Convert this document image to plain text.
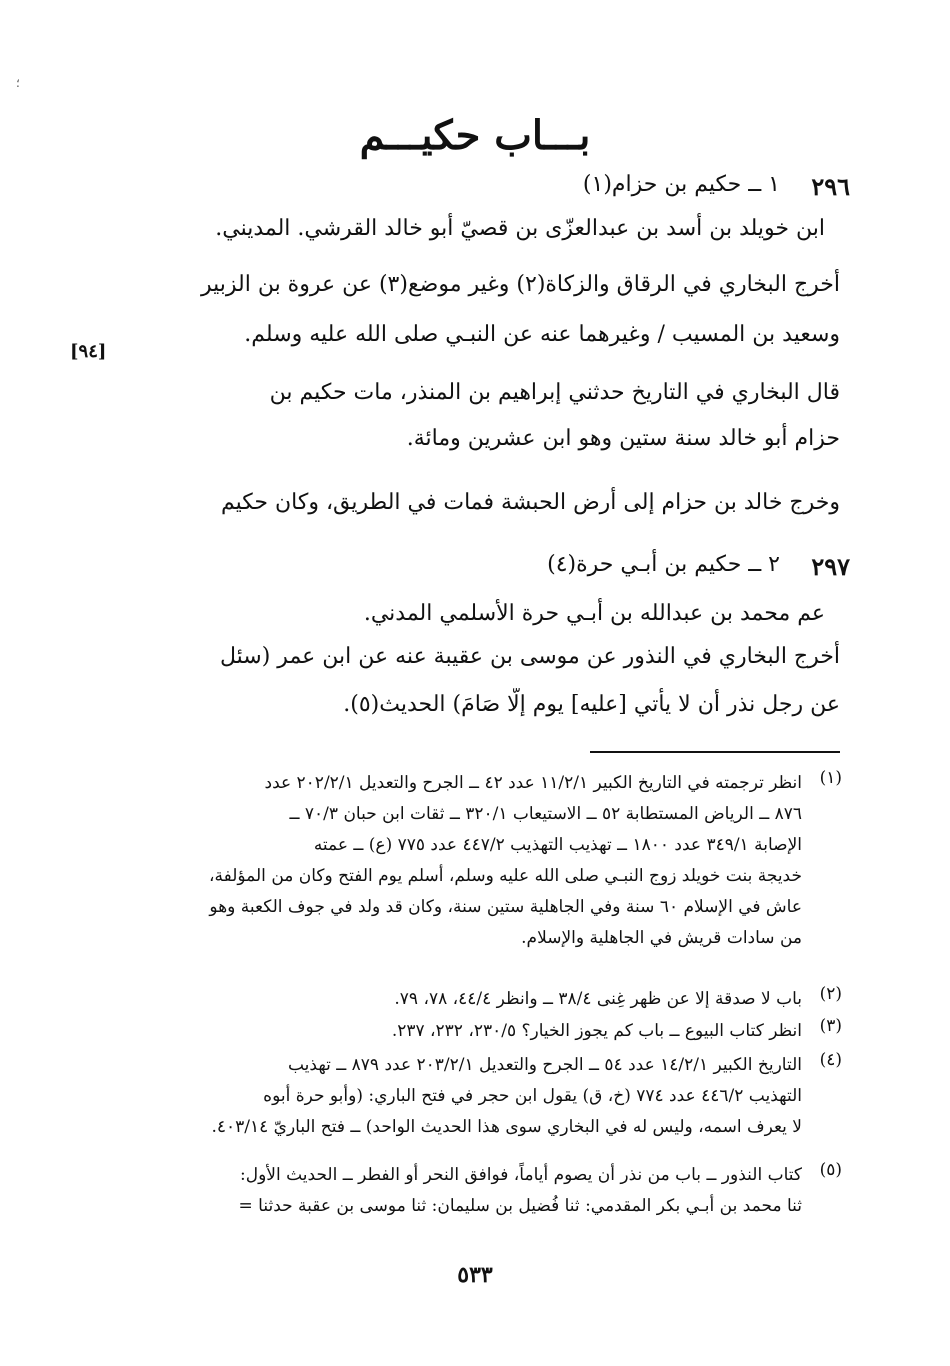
؛
بـــاب حكيـــم
٢٩٦
١ ــ حكيم بن حزام(١)
ابن خويلد بن أسد بن عبدالعزّى بن قصيّ أبو خالد القرشي. المديني.
أخرج البخاري في الرقاق والزكاة(٢) وغير موضع(٣) عن عروة بن الزبير
وسعيد بن المسيب / وغيرهما عنه عن النبـي صلى الله عليه وسلم.
[٩٤]
قال البخاري في التاريخ حدثني إبراهيم بن المنذر، مات حكيم بن
حزام أبو خالد سنة ستين وهو ابن عشرين ومائة.
وخرج خالد بن حزام إلى أرض الحبشة فمات في الطريق، وكان حكيم
٢٩٧
٢ ــ حكيم بن أبـي حرة(٤)
عم محمد بن عبدالله بن أبـي حرة الأسلمي المدني.
أخرج البخاري في النذور عن موسى بن عقيبة عنه عن ابن عمر (سئل
عن رجل نذر أن لا يأتي [عليه] يوم إلّا صَامَ) الحديث(٥).
(١)
انظر ترجمته في التاريخ الكبير ١١/٢/١ عدد ٤٢ ــ الجرح والتعديل ٢٠٢/٢/١ عدد
٨٧٦ ــ الرياض المستطابة ٥٢ ــ الاستيعاب ٣٢٠/١ ــ ثقات ابن حبان ٧٠/٣ ــ
الإصابة ٣٤٩/١ عدد ١٨٠٠ ــ تهذيب التهذيب ٤٤٧/٢ عدد ٧٧٥ (ع) ــ عمته
خديجة بنت خويلد زوج النبـي صلى الله عليه وسلم، أسلم يوم الفتح وكان من المؤلفة،
عاش في الإسلام ٦٠ سنة وفي الجاهلية ستين سنة، وكان قد ولد في جوف الكعبة وهو
من سادات قريش في الجاهلية والإسلام.
(٢)
باب لا صدقة إلا عن ظهر غِنى ٣٨/٤ ــ وانظر ٤٤/٤، ٧٨، ٧٩.
(٣)
انظر كتاب البيوع ــ باب كم يجوز الخيار؟ ٢٣٠/٥، ٢٣٢، ٢٣٧.
(٤)
التاريخ الكبير ١٤/٢/١ عدد ٥٤ ــ الجرح والتعديل ٢٠٣/٢/١ عدد ٨٧٩ ــ تهذيب
التهذيب ٤٤٦/٢ عدد ٧٧٤ (خ، ق) يقول ابن حجر في فتح الباري: (وأبو حرة أبوه
لا يعرف اسمه، وليس له في البخاري سوى هذا الحديث الواحد) ــ فتح الباريّ ٤٠٣/١٤.
(٥)
كتاب النذور ــ باب من نذر أن يصوم أياماً، فوافق النحر أو الفطر ــ الحديث الأول:
ثنا محمد بن أبـي بكر المقدمي: ثنا فُضيل بن سليمان: ثنا موسى بن عقبة حدثنا =
٥٣٣
